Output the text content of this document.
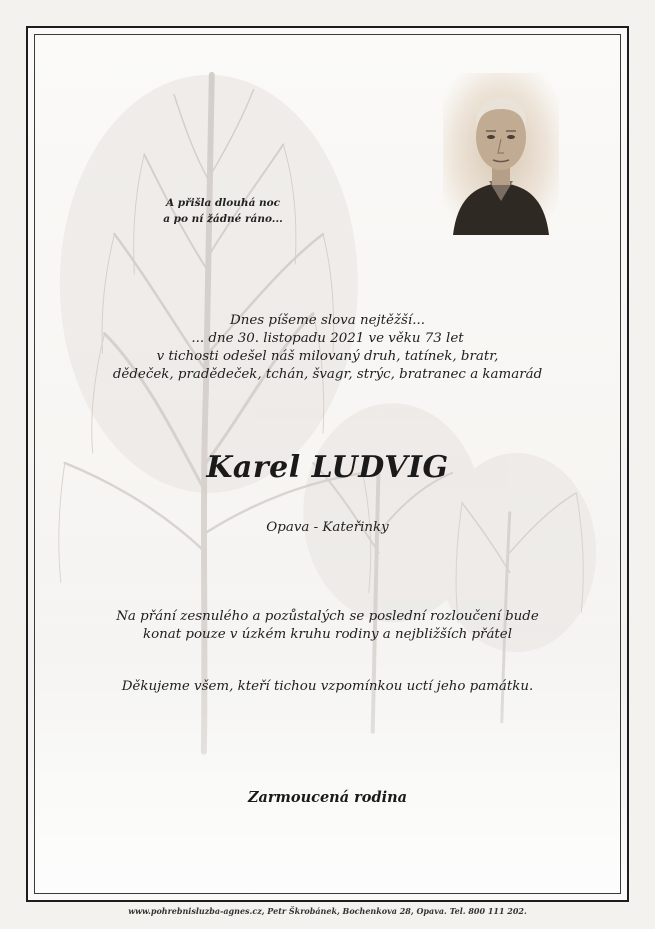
A přišla dlouhá noc
a po ní žádné ráno...
Dnes píšeme slova nejtěžší...
... dne 30. listopadu 2021 ve věku 73 let
v tichosti odešel náš milovaný druh, tatínek, bratr,
dědeček, pradědeček, tchán, švagr, strýc, bratranec a kamarád
Karel LUDVIG
Opava - Kateřinky
Na přání zesnulého a pozůstalých se poslední rozloučení bude
konat pouze v úzkém kruhu rodiny a nejbližších přátel
Děkujeme všem, kteří tichou vzpomínkou uctí jeho památku.
Zarmoucená rodina
www.pohrebnisluzba-agnes.cz, Petr Škrobánek, Bochenkova 28, Opava. Tel. 800 111 202.
